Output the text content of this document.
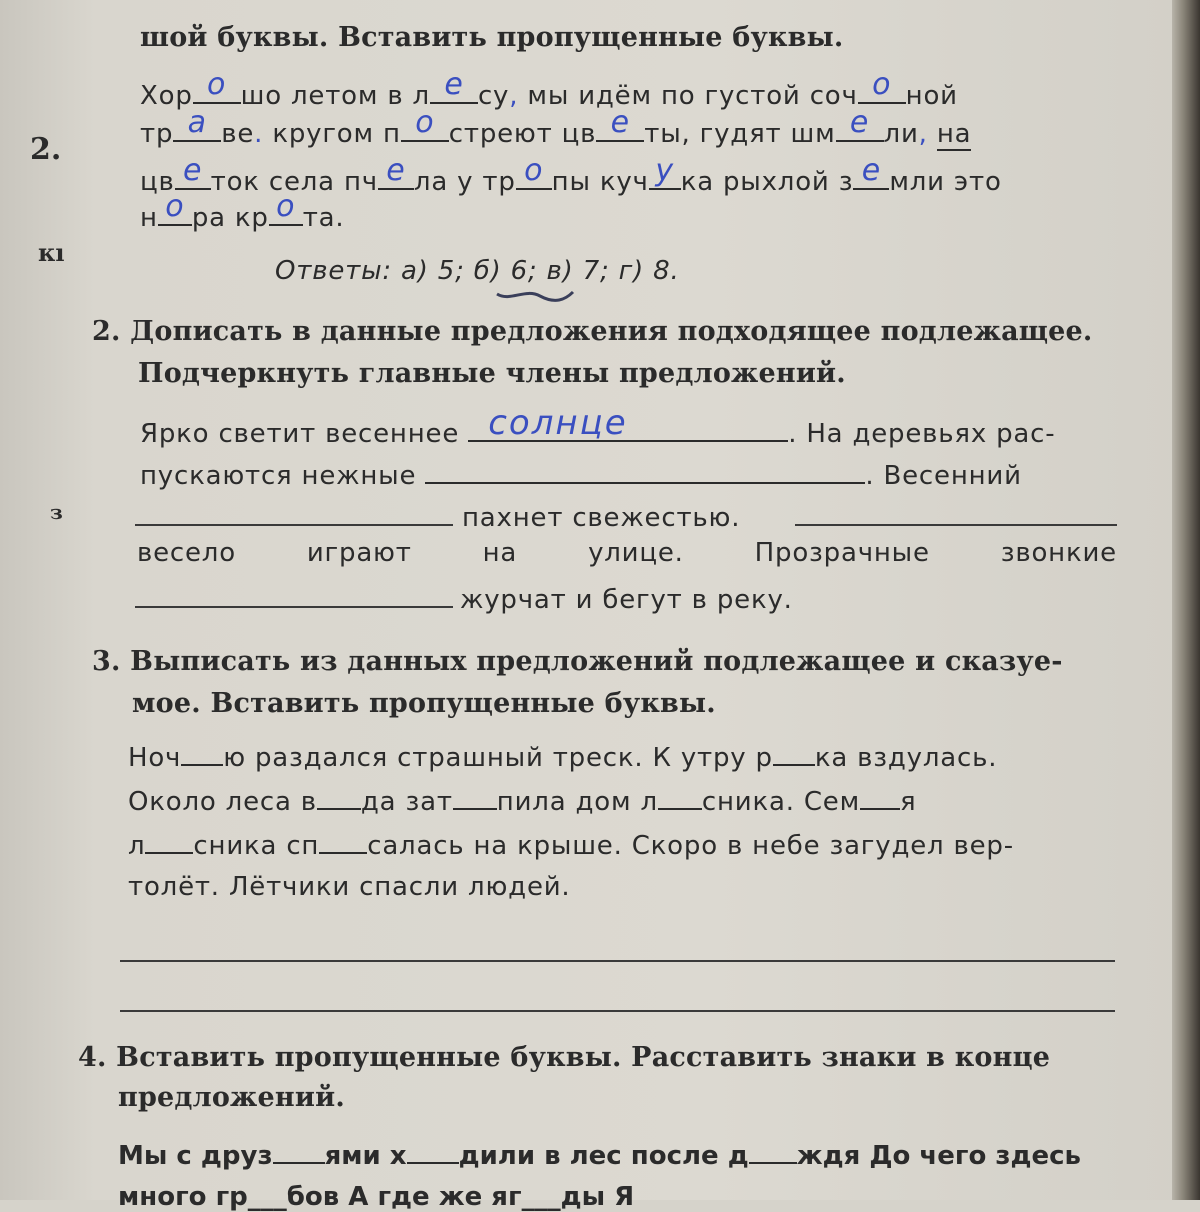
2.
кı
з
шой буквы. Вставить пропущенные буквы.
Хор о шо летом в л е су, мы идём по густой соч о ной
тр а ве. кругом п о стреют цв е ты, гудят шм е ли, на
цв е ток села пч е ла у тр о пы куч у ка рыхлой з е мли это
н о ра кр о та.
Ответы: а) 5; б) 6; в) 7; г) 8.
2. Дописать в данные предложения подходящее подлежащее.
Подчеркнуть главные члены предложений.
Ярко светит весеннее солнце	. На деревьях рас-
пускаются нежные	. Весенний
пахнет свежестью.
весело	играют	на	улице.	Прозрачные	звонкие
журчат и бегут в реку.
3. Выписать из данных предложений подлежащее и сказуе-
мое. Вставить пропущенные буквы.
Ноч ю раздался страшный треск. К утру р ка вздулась.
Около леса в да зат пила дом л сника. Сем я
л сника сп салась на крыше. Скоро в небе загудел вер-
толёт. Лётчики спасли людей.
4. Вставить пропущенные буквы. Расставить знаки в конце
предложений.
Мы с друз ями х дили в лес после д ждя До чего здесь
много гр___бов А где же яг___ды Я
